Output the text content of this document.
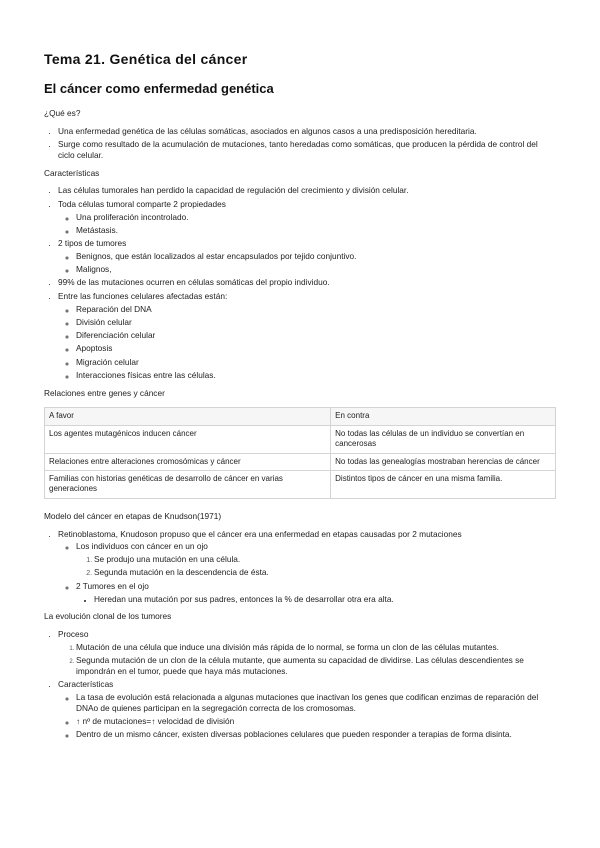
Tema 21. Genética del cáncer
El cáncer como enfermedad genética
¿Qué es?
▪ Una enfermedad genética de las células somáticas, asociados en algunos casos a una predisposición hereditaria.
▪ Surge como resultado de la acumulación de mutaciones, tanto heredadas como somáticas, que producen la pérdida de control del ciclo celular.
Características
▪ Las células tumorales han perdido la capacidad de regulación del crecimiento y división celular.
▪ Toda células tumoral comparte 2 propiedades
◦ Una proliferación incontrolado.
◦ Metástasis.
▪ 2 tipos de tumores
◦ Benignos, que están localizados al estar encapsulados por tejido conjuntivo.
◦ Malignos,
▪ 99% de las mutaciones ocurren en células somáticas del propio individuo.
▪ Entre las funciones celulares afectadas están:
◦ Reparación del DNA
◦ División celular
◦ Diferenciación celular
◦ Apoptosis
◦ Migración celular
◦ Interacciones físicas entre las células.
Relaciones entre genes y cáncer
A favor	En contra
Los agentes mutagénicos inducen cáncer	No todas las células de un individuo se convertían en cancerosas
Relaciones entre alteraciones cromosómicas y cáncer	No todas las genealogías mostraban herencias de cáncer
Familias con historias genéticas de desarrollo de cáncer en varias generaciones	Distintos tipos de cáncer en una misma familia.
Modelo del cáncer en etapas de Knudson(1971)
▪ Retinoblastoma, Knudoson propuso que el cáncer era una enfermedad en etapas causadas por 2 mutaciones
◦ Los individuos con cáncer en un ojo
1. Se produjo una mutación en una célula.
2. Segunda mutación en la descendencia de ésta.
◦ 2 Tumores en el ojo
▪ Heredan una mutación por sus padres, entonces la % de desarrollar otra era alta.
La evolución clonal de los tumores
▪ Proceso
1. Mutación de una célula que induce una división más rápida de lo normal, se forma un clon de las células mutantes.
2. Segunda mutación de un clon de la célula mutante, que aumenta su capacidad de dividirse. Las células descendientes se impondrán en el tumor, puede que haya más mutaciones.
▪ Características
◦ La tasa de evolución está relacionada a algunas mutaciones que inactivan los genes que codifican enzimas de reparación del DNAo de quienes participan en la segregación correcta de los cromosomas.
◦ ↑ nº de mutaciones=↑ velocidad de división
◦ Dentro de un mismo cáncer, existen diversas poblaciones celulares que pueden responder a terapias de forma disinta.
